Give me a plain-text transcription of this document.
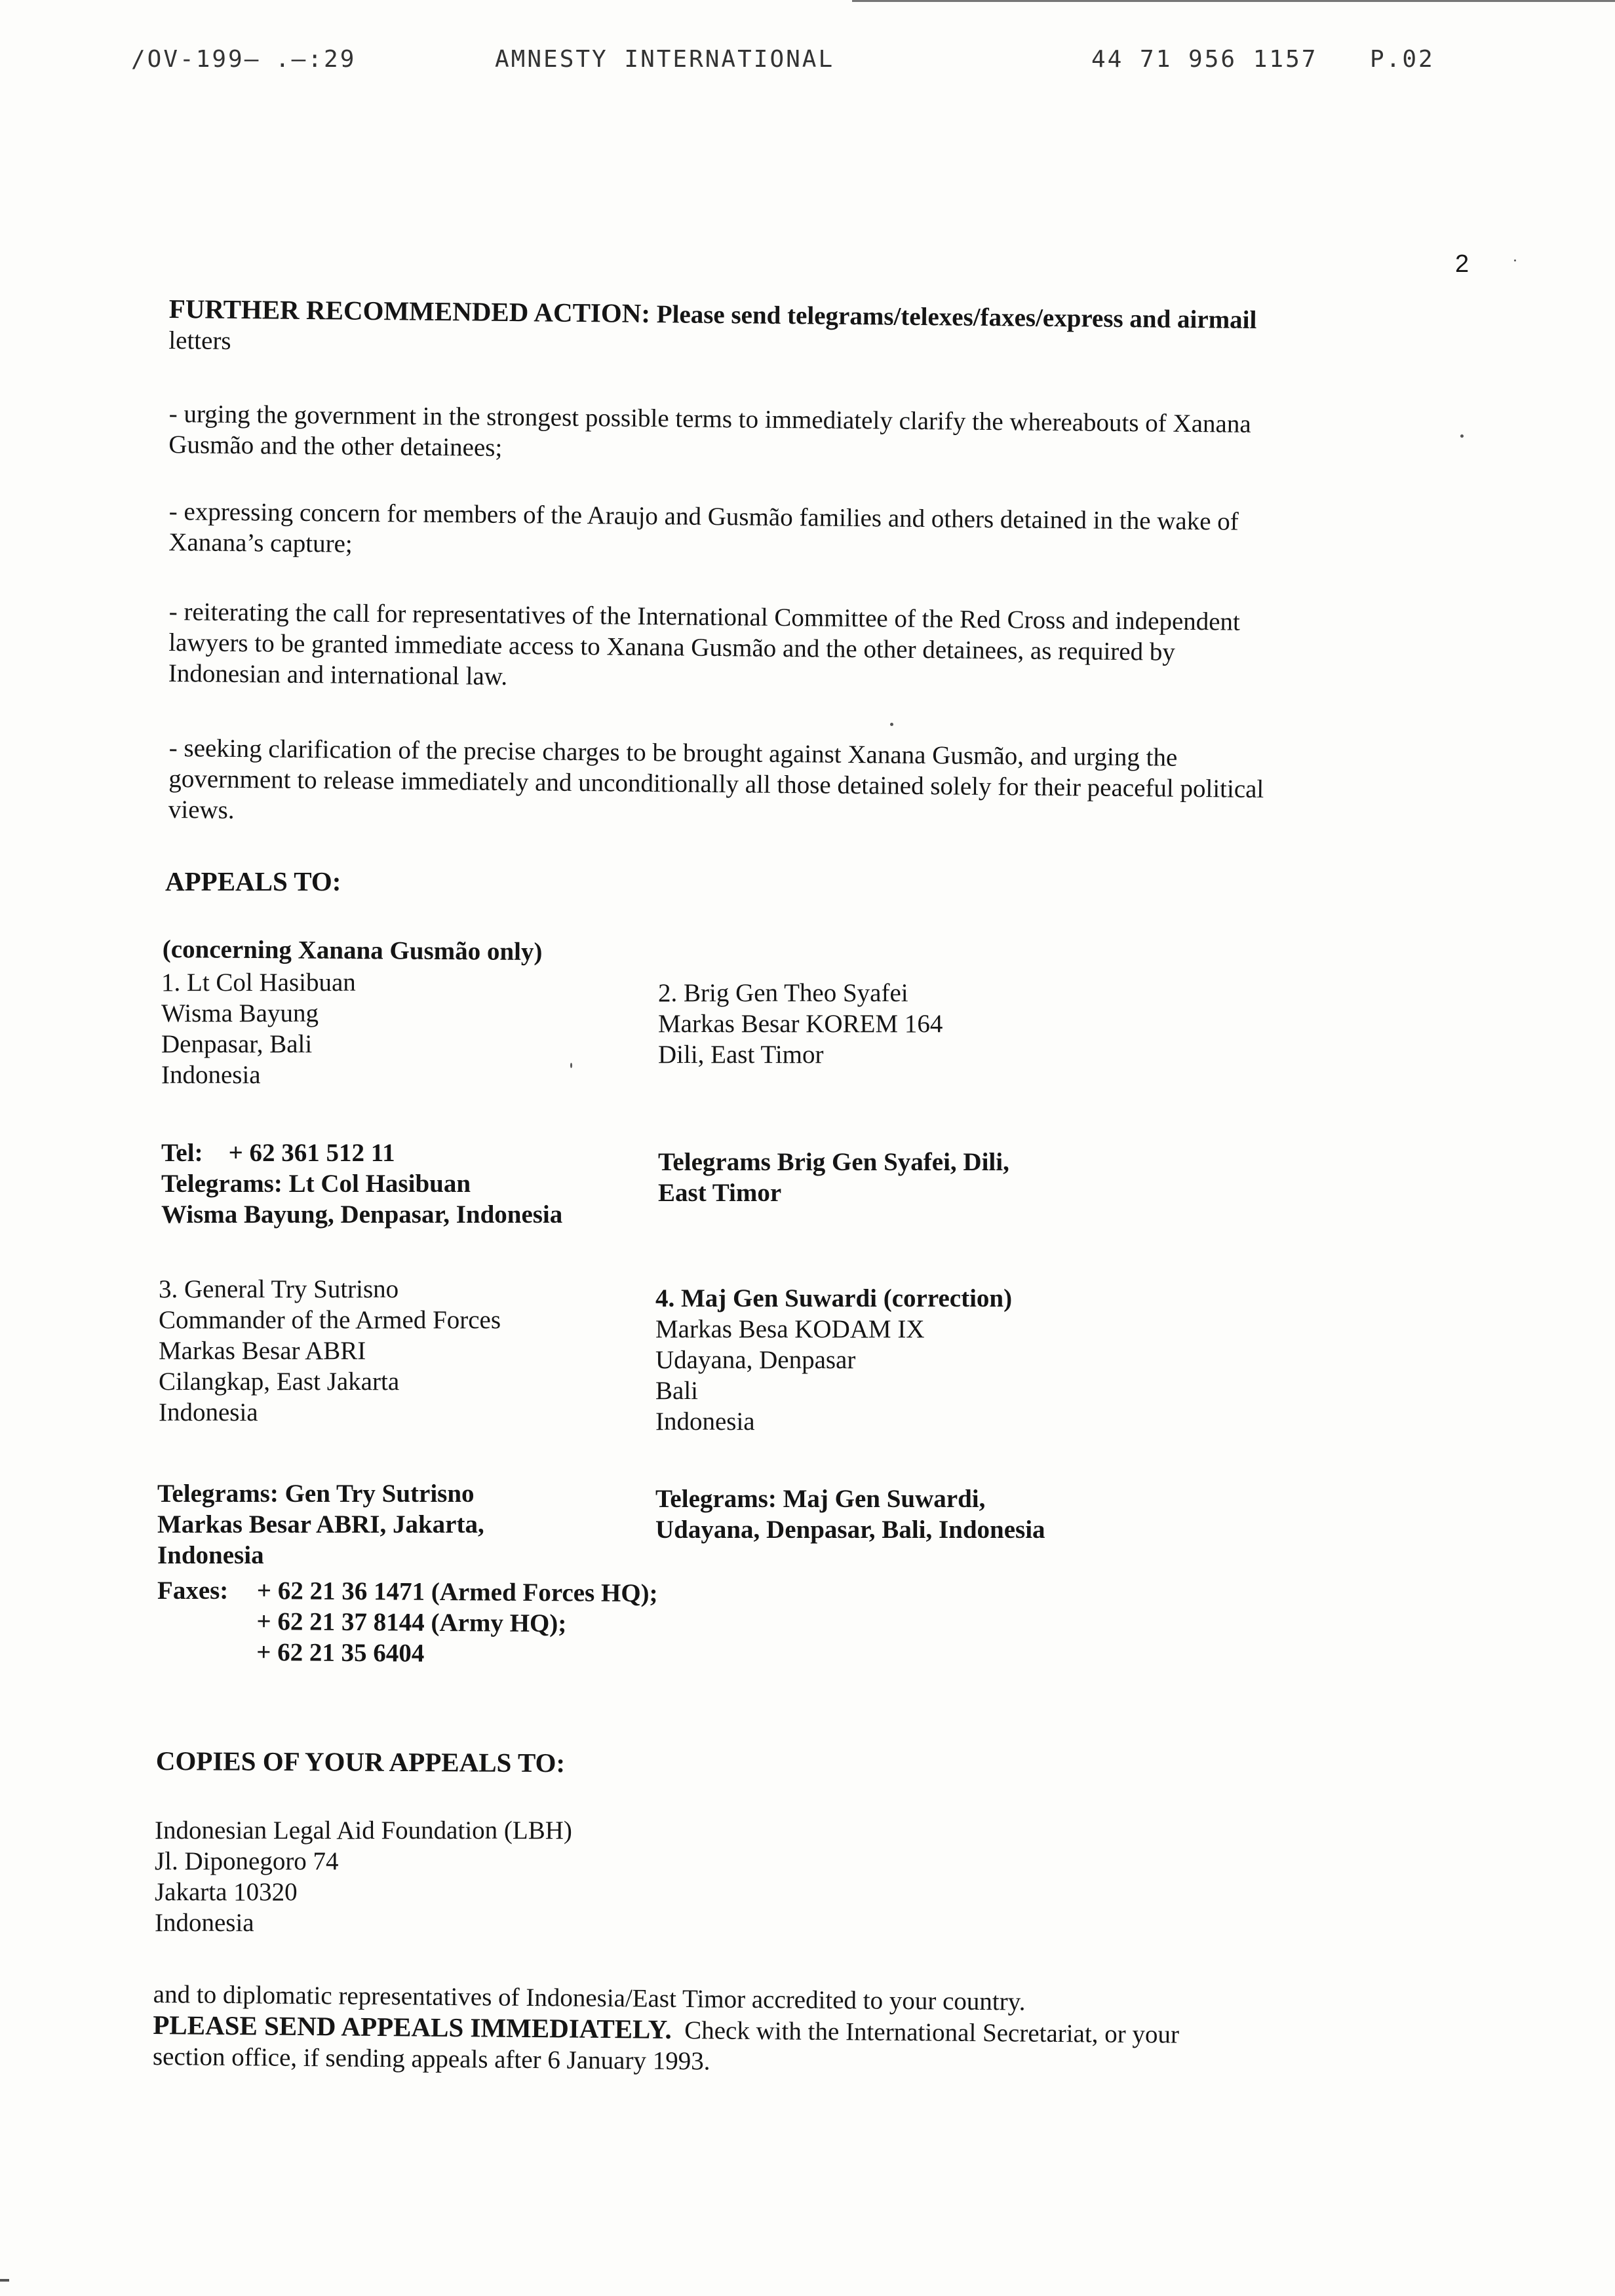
/OV-199— .—:29	AMNESTY INTERNATIONAL	44 71 956 1157 P.02
2
FURTHER RECOMMENDED ACTION: Please send telegrams/telexes/faxes/express and airmail
letters
- urging the government in the strongest possible terms to immediately clarify the whereabouts of Xanana
Gusmão and the other detainees;
- expressing concern for members of the Araujo and Gusmão families and others detained in the wake of
Xanana’s capture;
- reiterating the call for representatives of the International Committee of the Red Cross and independent
lawyers to be granted immediate access to Xanana Gusmão and the other detainees, as required by
Indonesian and international law.
- seeking clarification of the precise charges to be brought against Xanana Gusmão, and urging the
government to release immediately and unconditionally all those detained solely for their peaceful political
views.
APPEALS TO:
(concerning Xanana Gusmão only)
1. Lt Col Hasibuan
Wisma Bayung
Denpasar, Bali
Indonesia
2. Brig Gen Theo Syafei
Markas Besar KOREM 164
Dili, East Timor
Tel: + 62 361 512 11
Telegrams: Lt Col Hasibuan
Wisma Bayung, Denpasar, Indonesia
Telegrams Brig Gen Syafei, Dili,
East Timor
3. General Try Sutrisno
Commander of the Armed Forces
Markas Besar ABRI
Cilangkap, East Jakarta
Indonesia
4. Maj Gen Suwardi (correction)
Markas Besa KODAM IX
Udayana, Denpasar
Bali
Indonesia
Telegrams: Gen Try Sutrisno
Markas Besar ABRI, Jakarta,
Indonesia
Telegrams: Maj Gen Suwardi,
Udayana, Denpasar, Bali, Indonesia
Faxes: + 62 21 36 1471 (Armed Forces HQ);
+ 62 21 37 8144 (Army HQ);
+ 62 21 35 6404
COPIES OF YOUR APPEALS TO:
Indonesian Legal Aid Foundation (LBH)
Jl. Diponegoro 74
Jakarta 10320
Indonesia
and to diplomatic representatives of Indonesia/East Timor accredited to your country.
PLEASE SEND APPEALS IMMEDIATELY. Check with the International Secretariat, or your
section office, if sending appeals after 6 January 1993.
